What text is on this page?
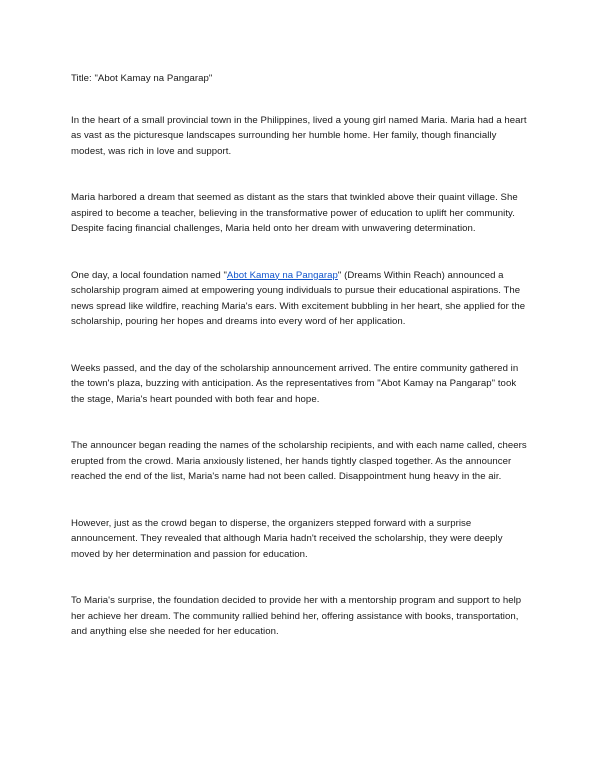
Title: "Abot Kamay na Pangarap"

In the heart of a small provincial town in the Philippines, lived a young girl named Maria. Maria had a heart as vast as the picturesque landscapes surrounding her humble home. Her family, though financially modest, was rich in love and support.

Maria harbored a dream that seemed as distant as the stars that twinkled above their quaint village. She aspired to become a teacher, believing in the transformative power of education to uplift her community. Despite facing financial challenges, Maria held onto her dream with unwavering determination.

One day, a local foundation named "Abot Kamay na Pangarap" (Dreams Within Reach) announced a scholarship program aimed at empowering young individuals to pursue their educational aspirations. The news spread like wildfire, reaching Maria's ears. With excitement bubbling in her heart, she applied for the scholarship, pouring her hopes and dreams into every word of her application.

Weeks passed, and the day of the scholarship announcement arrived. The entire community gathered in the town's plaza, buzzing with anticipation. As the representatives from "Abot Kamay na Pangarap" took the stage, Maria's heart pounded with both fear and hope.

The announcer began reading the names of the scholarship recipients, and with each name called, cheers erupted from the crowd. Maria anxiously listened, her hands tightly clasped together. As the announcer reached the end of the list, Maria's name had not been called. Disappointment hung heavy in the air.

However, just as the crowd began to disperse, the organizers stepped forward with a surprise announcement. They revealed that although Maria hadn't received the scholarship, they were deeply moved by her determination and passion for education.

To Maria's surprise, the foundation decided to provide her with a mentorship program and support to help her achieve her dream. The community rallied behind her, offering assistance with books, transportation, and anything else she needed for her education.
